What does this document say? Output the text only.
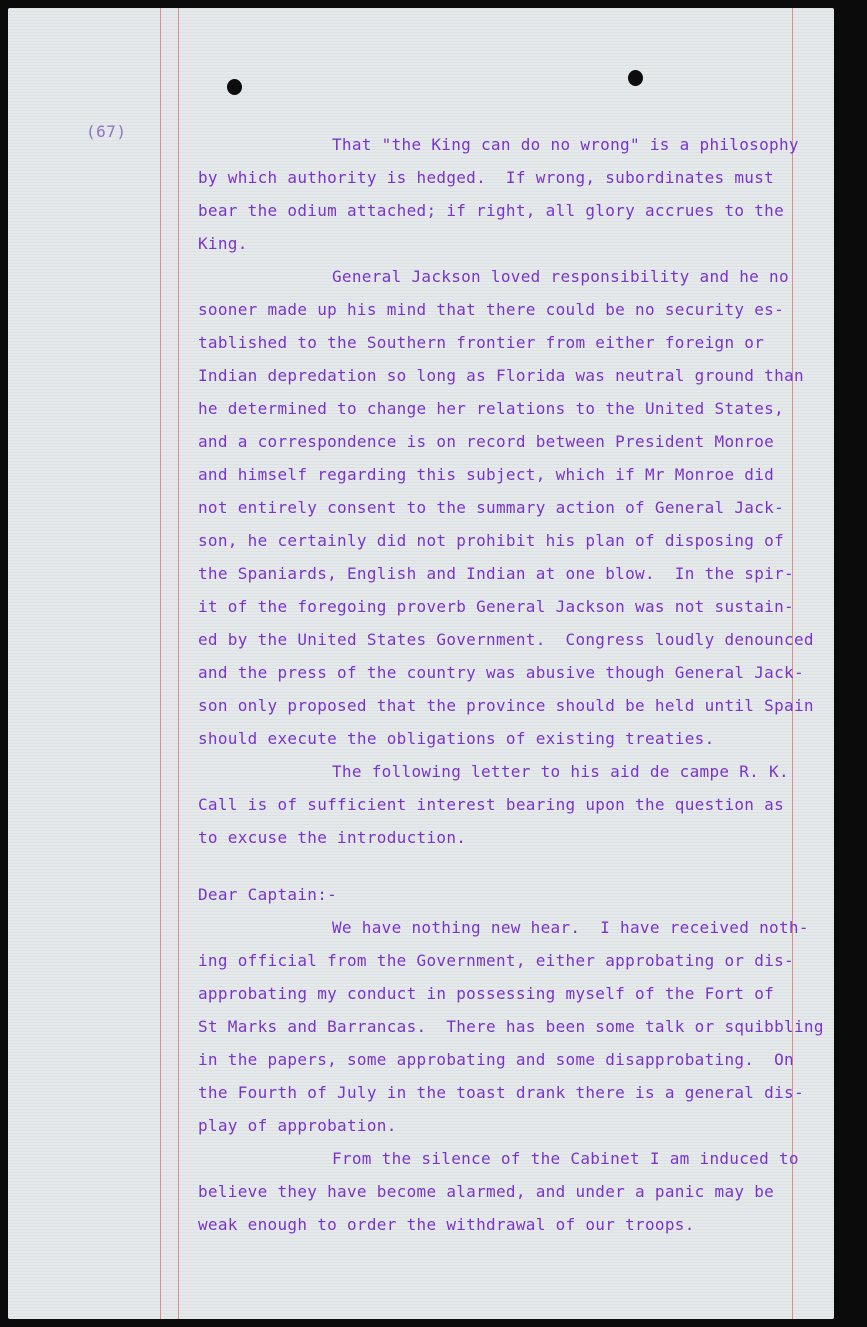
(67)
That "the King can do no wrong" is a philosophy
by which authority is hedged.  If wrong, subordinates must
bear the odium attached; if right, all glory accrues to the
King.
General Jackson loved responsibility and he no
sooner made up his mind that there could be no security es-
tablished to the Southern frontier from either foreign or
Indian depredation so long as Florida was neutral ground than
he determined to change her relations to the United States,
and a correspondence is on record between President Monroe
and himself regarding this subject, which if Mr Monroe did
not entirely consent to the summary action of General Jack-
son, he certainly did not prohibit his plan of disposing of
the Spaniards, English and Indian at one blow.  In the spir-
it of the foregoing proverb General Jackson was not sustain-
ed by the United States Government.  Congress loudly denounced
and the press of the country was abusive though General Jack-
son only proposed that the province should be held until Spain
should execute the obligations of existing treaties.
The following letter to his aid de campe R. K.
Call is of sufficient interest bearing upon the question as
to excuse the introduction.
Dear Captain:-
We have nothing new hear.  I have received noth-
ing official from the Government, either approbating or dis-
approbating my conduct in possessing myself of the Fort of
St Marks and Barrancas.  There has been some talk or squibbling
in the papers, some approbating and some disapprobating.  On
the Fourth of July in the toast drank there is a general dis-
play of approbation.
From the silence of the Cabinet I am induced to
believe they have become alarmed, and under a panic may be
weak enough to order the withdrawal of our troops.
